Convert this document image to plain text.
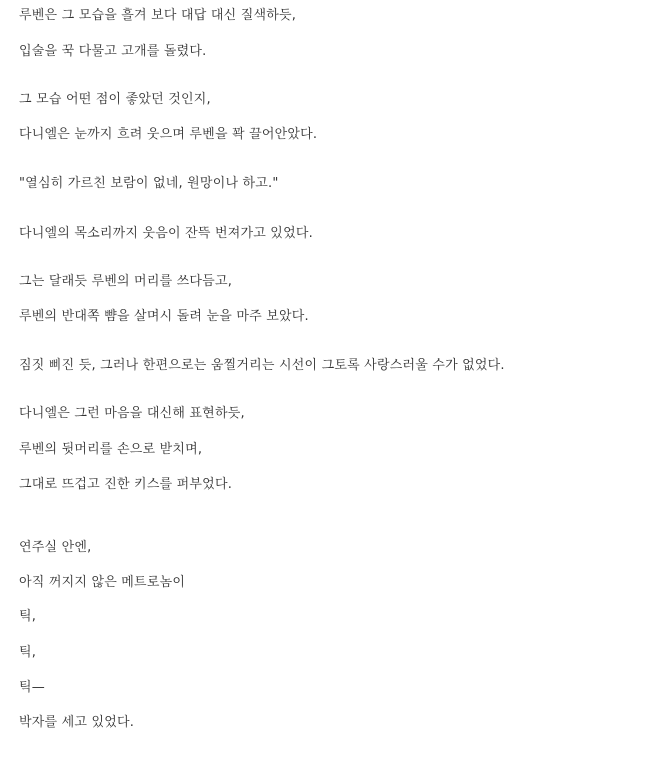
루벤은 그 모습을 흘겨 보다 대답 대신 질색하듯,
입술을 꾹 다물고 고개를 돌렸다.
그 모습 어떤 점이 좋았던 것인지,
다니엘은 눈까지 흐려 웃으며 루벤을 꽉 끌어안았다.
"열심히 가르친 보람이 없네, 원망이나 하고."
다니엘의 목소리까지 웃음이 잔뜩 번져가고 있었다.
그는 달래듯 루벤의 머리를 쓰다듬고,
루벤의 반대쪽 뺨을 살며시 돌려 눈을 마주 보았다.
짐짓 삐진 듯, 그러나 한편으로는 움찔거리는 시선이 그토록 사랑스러울 수가 없었다.
다니엘은 그런 마음을 대신해 표현하듯,
루벤의 뒷머리를 손으로 받치며,
그대로 뜨겁고 진한 키스를 퍼부었다.
연주실 안엔,
아직 꺼지지 않은 메트로놈이
틱,
틱,
틱—
박자를 세고 있었다.
